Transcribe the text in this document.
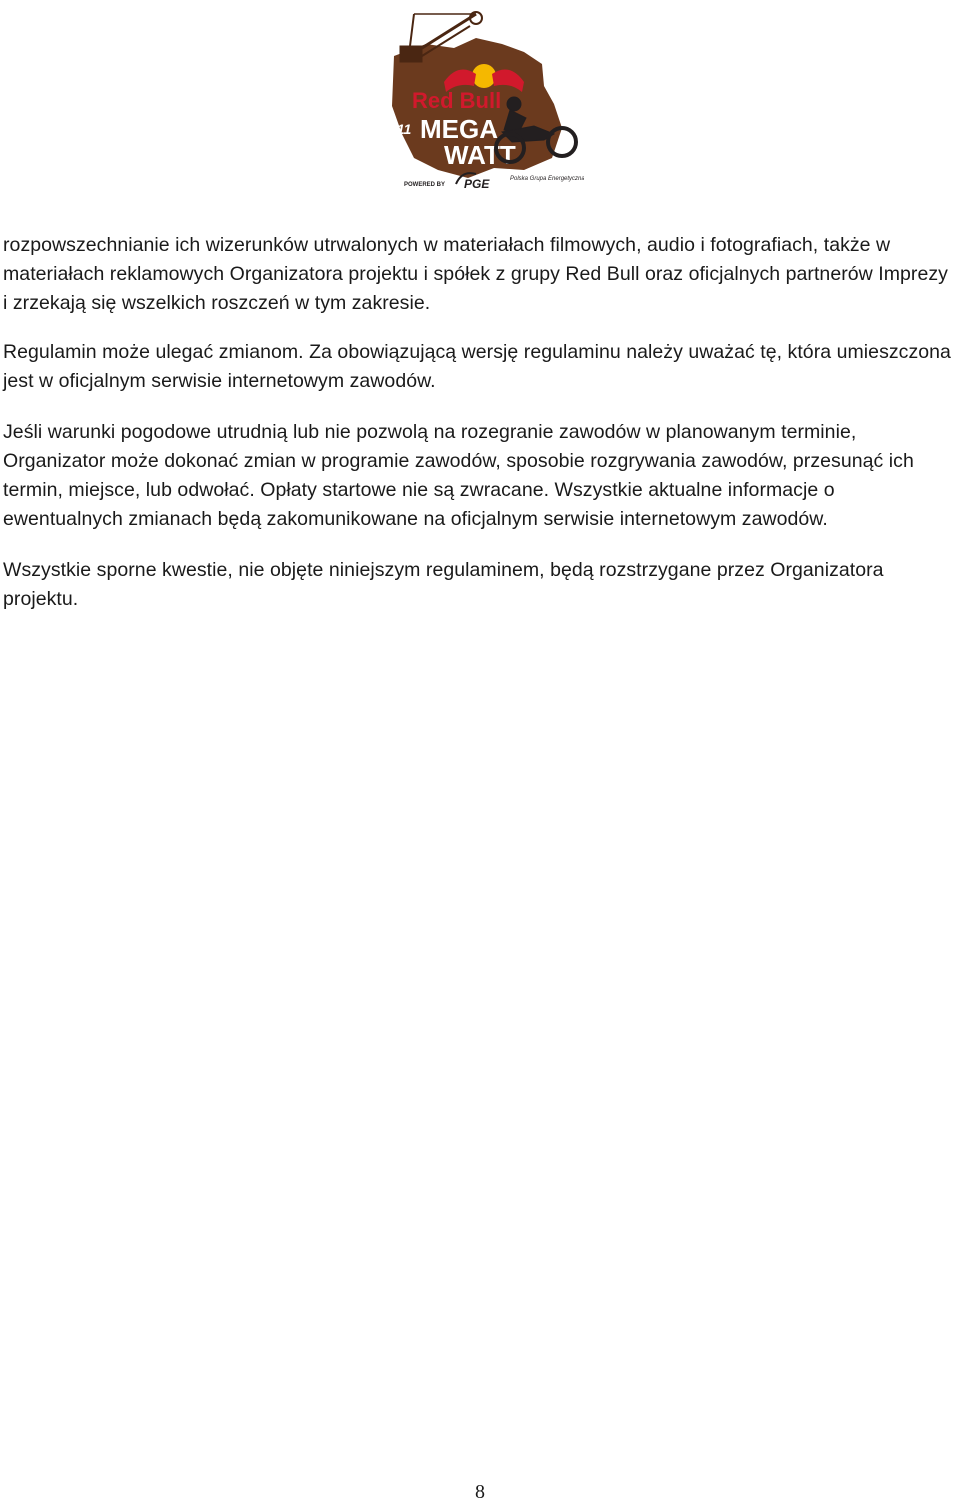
Red Bull
111 MEGA
WATT
POWERED BY PGE	Polska Grupa Energetyczna

rozpowszechnianie ich wizerunków utrwalonych w materiałach filmowych, audio i fotografiach, także w materiałach reklamowych Organizatora projektu i spółek z grupy Red Bull oraz oficjalnych partnerów Imprezy i zrzekają się wszelkich roszczeń w tym zakresie.

Regulamin może ulegać zmianom. Za obowiązującą wersję regulaminu należy uważać tę, która umieszczona jest w oficjalnym serwisie internetowym zawodów.

Jeśli warunki pogodowe utrudnią lub nie pozwolą na rozegranie zawodów w planowanym terminie, Organizator może dokonać zmian w programie zawodów, sposobie rozgrywania zawodów, przesunąć ich termin, miejsce, lub odwołać. Opłaty startowe nie są zwracane. Wszystkie aktualne informacje o ewentualnych zmianach będą zakomunikowane na oficjalnym serwisie internetowym zawodów.

Wszystkie sporne kwestie, nie objęte niniejszym regulaminem, będą rozstrzygane przez Organizatora projektu.

8
